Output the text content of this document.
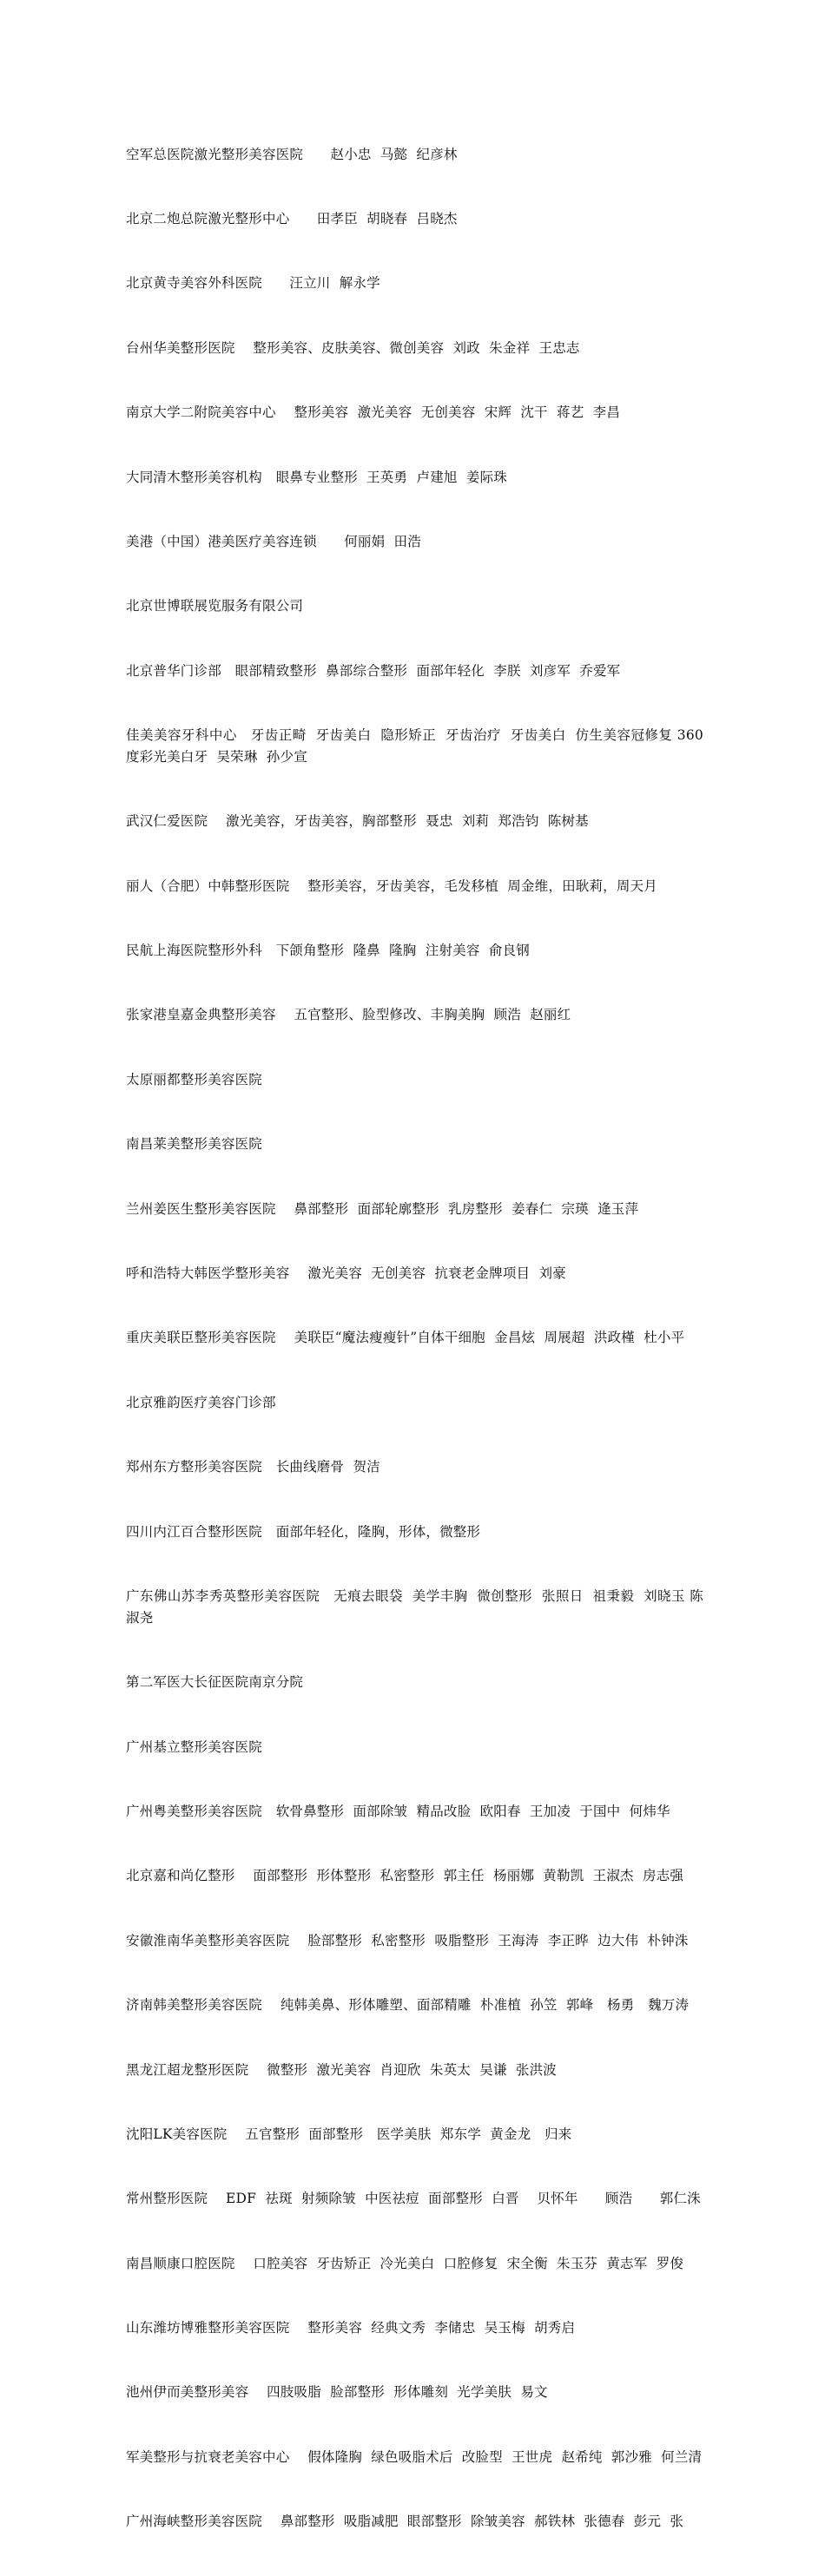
空军总医院激光整形美容医院　　赵小忠  马懿  纪彦林

北京二炮总院激光整形中心　　田孝臣  胡晓春  吕晓杰

北京黄寺美容外科医院　　汪立川  解永学

台州华美整形医院　 整形美容、皮肤美容、微创美容  刘政  朱金祥  王忠志

南京大学二附院美容中心　 整形美容  激光美容  无创美容  宋辉  沈干  蒋艺  李昌

大同清木整形美容机构　眼鼻专业整形  王英勇  卢建旭  姜际珠

美港（中国）港美医疗美容连锁　　何丽娟  田浩

北京世博联展览服务有限公司

北京普华门诊部　眼部精致整形  鼻部综合整形  面部年轻化  李朕  刘彦军  乔爱军

佳美美容牙科中心　牙齿正畸  牙齿美白  隐形矫正  牙齿治疗  牙齿美白  仿生美容冠修复 360度彩光美白牙  吴荣琳  孙少宣

武汉仁爱医院　 激光美容，牙齿美容，胸部整形  聂忠  刘莉  郑浩钧  陈树基

丽人（合肥）中韩整形医院　 整形美容，牙齿美容，毛发移植  周金维，田耿莉，周天月

民航上海医院整形外科　下颌角整形  隆鼻  隆胸  注射美容  俞良钢

张家港皇嘉金典整形美容　 五官整形、脸型修改、丰胸美胸  顾浩  赵丽红

太原丽都整形美容医院

南昌莱美整形美容医院

兰州姜医生整形美容医院　 鼻部整形  面部轮廓整形  乳房整形  姜春仁  宗瑛  逄玉萍

呼和浩特大韩医学整形美容　 激光美容  无创美容  抗衰老金牌项目  刘豪

重庆美联臣整形美容医院　 美联臣“魔法瘦瘦针”自体干细胞  金昌炫  周展超  洪政槿  杜小平

北京雅韵医疗美容门诊部

郑州东方整形美容医院　长曲线磨骨  贺洁

四川内江百合整形医院　面部年轻化，隆胸，形体，微整形

广东佛山苏李秀英整形美容医院　无痕去眼袋  美学丰胸  微创整形  张照日  祖秉毅  刘晓玉 陈淑尧

第二军医大长征医院南京分院

广州基立整形美容医院

广州粤美整形美容医院　软骨鼻整形  面部除皱  精品改脸  欧阳春  王加凌  于国中  何炜华

北京嘉和尚亿整形　 面部整形  形体整形  私密整形  郭主任  杨丽娜  黄勒凯  王淑杰  房志强

安徽淮南华美整形美容医院　 脸部整形  私密整形  吸脂整形  王海涛  李正晔  边大伟  朴钟洙

济南韩美整形美容医院　 纯韩美鼻、形体雕塑、面部精雕  朴准植  孙笠  郭峰　杨勇　魏万涛

黑龙江超龙整形医院　 微整形  激光美容  肖迎欣  朱英太  吴谦  张洪波

沈阳LK美容医院　 五官整形  面部整形　医学美肤  郑东学  黄金龙　归来

常州整形医院　 EDF  祛斑  射频除皱  中医祛痘  面部整形  白晋　 贝怀年　　顾浩　　郭仁洙

南昌顺康口腔医院　 口腔美容  牙齿矫正  冷光美白  口腔修复  宋全衡  朱玉芬  黄志军  罗俊

山东潍坊博雅整形美容医院　 整形美容  经典文秀  李储忠  吴玉梅  胡秀启

池州伊而美整形美容　 四肢吸脂  脸部整形  形体雕刻  光学美肤  易文

军美整形与抗衰老美容中心　 假体隆胸  绿色吸脂术后  改脸型  王世虎  赵希纯  郭沙雅  何兰清

广州海峡整形美容医院　 鼻部整形  吸脂减肥  眼部整形  除皱美容  郝铁林  张德春  彭元  张
